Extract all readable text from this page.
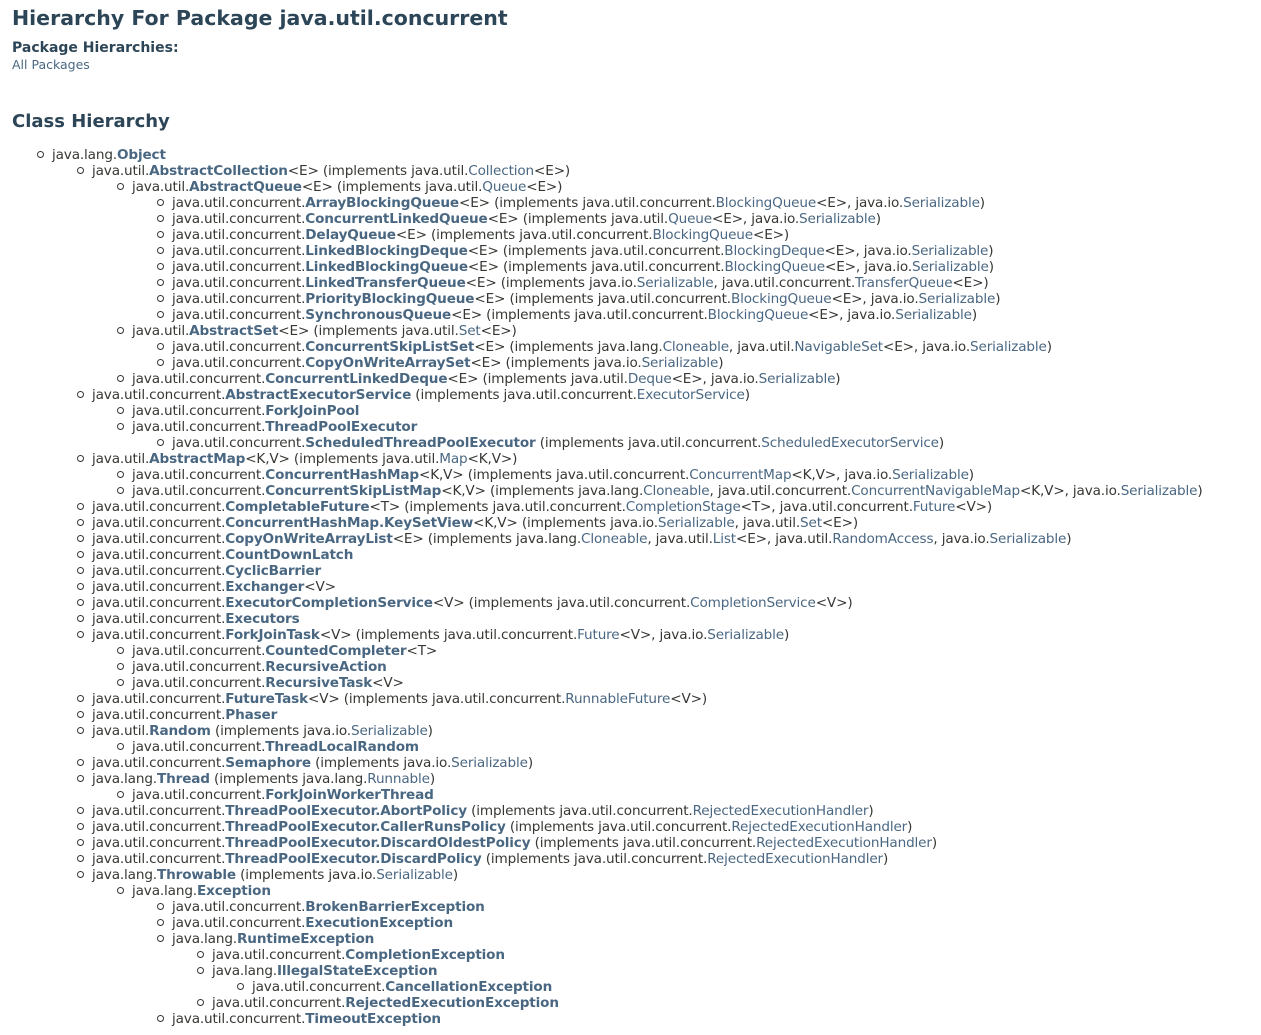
Hierarchy For Package java.util.concurrent
Package Hierarchies:
All Packages
Class Hierarchy
java.lang.Object
java.util.AbstractCollection<E> (implements java.util.Collection<E>)
java.util.AbstractQueue<E> (implements java.util.Queue<E>)
java.util.concurrent.ArrayBlockingQueue<E> (implements java.util.concurrent.BlockingQueue<E>, java.io.Serializable)
java.util.concurrent.ConcurrentLinkedQueue<E> (implements java.util.Queue<E>, java.io.Serializable)
java.util.concurrent.DelayQueue<E> (implements java.util.concurrent.BlockingQueue<E>)
java.util.concurrent.LinkedBlockingDeque<E> (implements java.util.concurrent.BlockingDeque<E>, java.io.Serializable)
java.util.concurrent.LinkedBlockingQueue<E> (implements java.util.concurrent.BlockingQueue<E>, java.io.Serializable)
java.util.concurrent.LinkedTransferQueue<E> (implements java.io.Serializable, java.util.concurrent.TransferQueue<E>)
java.util.concurrent.PriorityBlockingQueue<E> (implements java.util.concurrent.BlockingQueue<E>, java.io.Serializable)
java.util.concurrent.SynchronousQueue<E> (implements java.util.concurrent.BlockingQueue<E>, java.io.Serializable)
java.util.AbstractSet<E> (implements java.util.Set<E>)
java.util.concurrent.ConcurrentSkipListSet<E> (implements java.lang.Cloneable, java.util.NavigableSet<E>, java.io.Serializable)
java.util.concurrent.CopyOnWriteArraySet<E> (implements java.io.Serializable)
java.util.concurrent.ConcurrentLinkedDeque<E> (implements java.util.Deque<E>, java.io.Serializable)
java.util.concurrent.AbstractExecutorService (implements java.util.concurrent.ExecutorService)
java.util.concurrent.ForkJoinPool
java.util.concurrent.ThreadPoolExecutor
java.util.concurrent.ScheduledThreadPoolExecutor (implements java.util.concurrent.ScheduledExecutorService)
java.util.AbstractMap<K,V> (implements java.util.Map<K,V>)
java.util.concurrent.ConcurrentHashMap<K,V> (implements java.util.concurrent.ConcurrentMap<K,V>, java.io.Serializable)
java.util.concurrent.ConcurrentSkipListMap<K,V> (implements java.lang.Cloneable, java.util.concurrent.ConcurrentNavigableMap<K,V>, java.io.Serializable)
java.util.concurrent.CompletableFuture<T> (implements java.util.concurrent.CompletionStage<T>, java.util.concurrent.Future<V>)
java.util.concurrent.ConcurrentHashMap.KeySetView<K,V> (implements java.io.Serializable, java.util.Set<E>)
java.util.concurrent.CopyOnWriteArrayList<E> (implements java.lang.Cloneable, java.util.List<E>, java.util.RandomAccess, java.io.Serializable)
java.util.concurrent.CountDownLatch
java.util.concurrent.CyclicBarrier
java.util.concurrent.Exchanger<V>
java.util.concurrent.ExecutorCompletionService<V> (implements java.util.concurrent.CompletionService<V>)
java.util.concurrent.Executors
java.util.concurrent.ForkJoinTask<V> (implements java.util.concurrent.Future<V>, java.io.Serializable)
java.util.concurrent.CountedCompleter<T>
java.util.concurrent.RecursiveAction
java.util.concurrent.RecursiveTask<V>
java.util.concurrent.FutureTask<V> (implements java.util.concurrent.RunnableFuture<V>)
java.util.concurrent.Phaser
java.util.Random (implements java.io.Serializable)
java.util.concurrent.ThreadLocalRandom
java.util.concurrent.Semaphore (implements java.io.Serializable)
java.lang.Thread (implements java.lang.Runnable)
java.util.concurrent.ForkJoinWorkerThread
java.util.concurrent.ThreadPoolExecutor.AbortPolicy (implements java.util.concurrent.RejectedExecutionHandler)
java.util.concurrent.ThreadPoolExecutor.CallerRunsPolicy (implements java.util.concurrent.RejectedExecutionHandler)
java.util.concurrent.ThreadPoolExecutor.DiscardOldestPolicy (implements java.util.concurrent.RejectedExecutionHandler)
java.util.concurrent.ThreadPoolExecutor.DiscardPolicy (implements java.util.concurrent.RejectedExecutionHandler)
java.lang.Throwable (implements java.io.Serializable)
java.lang.Exception
java.util.concurrent.BrokenBarrierException
java.util.concurrent.ExecutionException
java.lang.RuntimeException
java.util.concurrent.CompletionException
java.lang.IllegalStateException
java.util.concurrent.CancellationException
java.util.concurrent.RejectedExecutionException
java.util.concurrent.TimeoutException
